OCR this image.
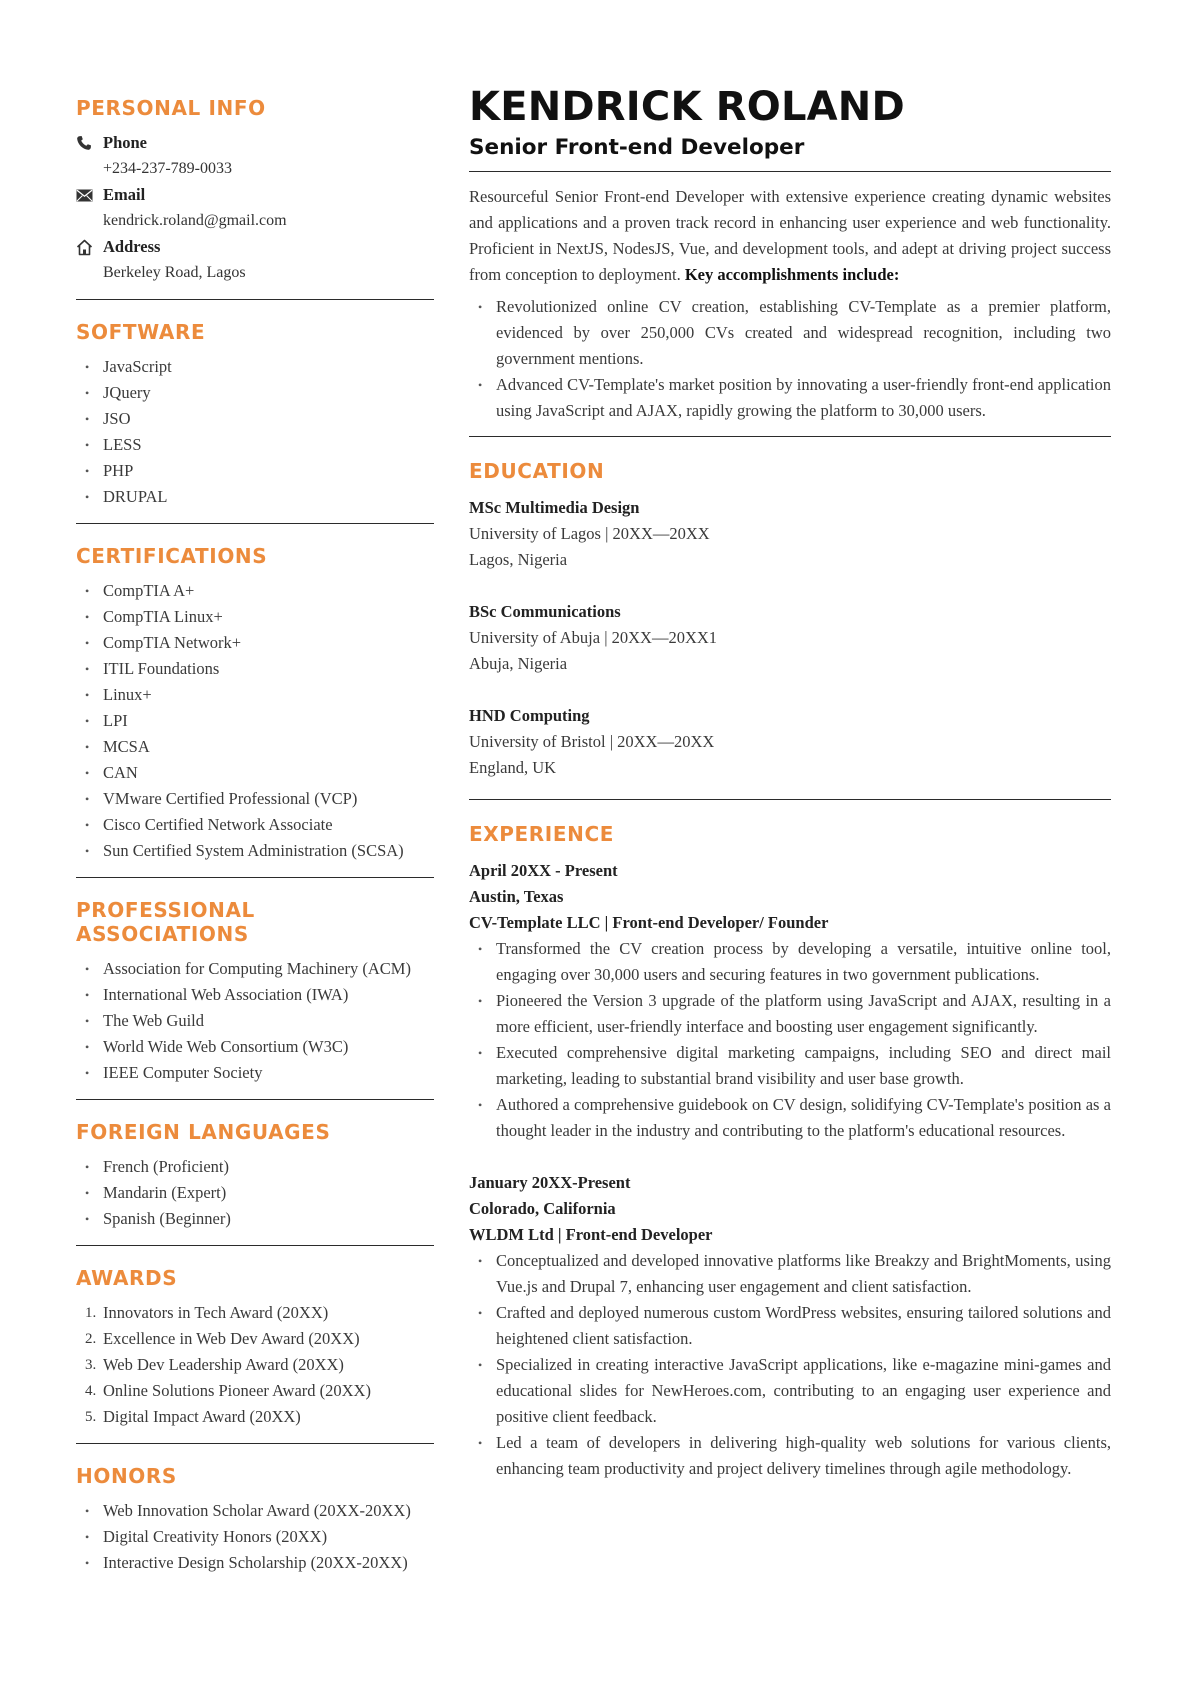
PERSONAL INFO
Phone
+234-237-789-0033
Email
kendrick.roland@gmail.com
Address
Berkeley Road, Lagos
SOFTWARE
• JavaScript
• JQuery
• JSO
• LESS
• PHP
• DRUPAL
CERTIFICATIONS
• CompTIA A+
• CompTIA Linux+
• CompTIA Network+
• ITIL Foundations
• Linux+
• LPI
• MCSA
• CAN
• VMware Certified Professional (VCP)
• Cisco Certified Network Associate
• Sun Certified System Administration (SCSA)
PROFESSIONAL ASSOCIATIONS
• Association for Computing Machinery (ACM)
• International Web Association (IWA)
• The Web Guild
• World Wide Web Consortium (W3C)
• IEEE Computer Society
FOREIGN LANGUAGES
• French (Proficient)
• Mandarin (Expert)
• Spanish (Beginner)
AWARDS
1. Innovators in Tech Award (20XX)
2. Excellence in Web Dev Award (20XX)
3. Web Dev Leadership Award (20XX)
4. Online Solutions Pioneer Award (20XX)
5. Digital Impact Award (20XX)
HONORS
• Web Innovation Scholar Award (20XX-20XX)
• Digital Creativity Honors (20XX)
• Interactive Design Scholarship (20XX-20XX)
KENDRICK ROLAND
Senior Front-end Developer
Resourceful Senior Front-end Developer with extensive experience creating dynamic websites and applications and a proven track record in enhancing user experience and web functionality. Proficient in NextJS, NodesJS, Vue, and development tools, and adept at driving project success from conception to deployment. Key accomplishments include:
• Revolutionized online CV creation, establishing CV-Template as a premier platform, evidenced by over 250,000 CVs created and widespread recognition, including two government mentions.
• Advanced CV-Template's market position by innovating a user-friendly front-end application using JavaScript and AJAX, rapidly growing the platform to 30,000 users.
EDUCATION
MSc Multimedia Design
University of Lagos | 20XX—20XX
Lagos, Nigeria
BSc Communications
University of Abuja | 20XX—20XX1
Abuja, Nigeria
HND Computing
University of Bristol | 20XX—20XX
England, UK
EXPERIENCE
April 20XX - Present
Austin, Texas
CV-Template LLC | Front-end Developer/ Founder
• Transformed the CV creation process by developing a versatile, intuitive online tool, engaging over 30,000 users and securing features in two government publications.
• Pioneered the Version 3 upgrade of the platform using JavaScript and AJAX, resulting in a more efficient, user-friendly interface and boosting user engagement significantly.
• Executed comprehensive digital marketing campaigns, including SEO and direct mail marketing, leading to substantial brand visibility and user base growth.
• Authored a comprehensive guidebook on CV design, solidifying CV-Template's position as a thought leader in the industry and contributing to the platform's educational resources.
January 20XX-Present
Colorado, California
WLDM Ltd | Front-end Developer
• Conceptualized and developed innovative platforms like Breakzy and BrightMoments, using Vue.js and Drupal 7, enhancing user engagement and client satisfaction.
• Crafted and deployed numerous custom WordPress websites, ensuring tailored solutions and heightened client satisfaction.
• Specialized in creating interactive JavaScript applications, like e-magazine mini-games and educational slides for NewHeroes.com, contributing to an engaging user experience and positive client feedback.
• Led a team of developers in delivering high-quality web solutions for various clients, enhancing team productivity and project delivery timelines through agile methodology.
